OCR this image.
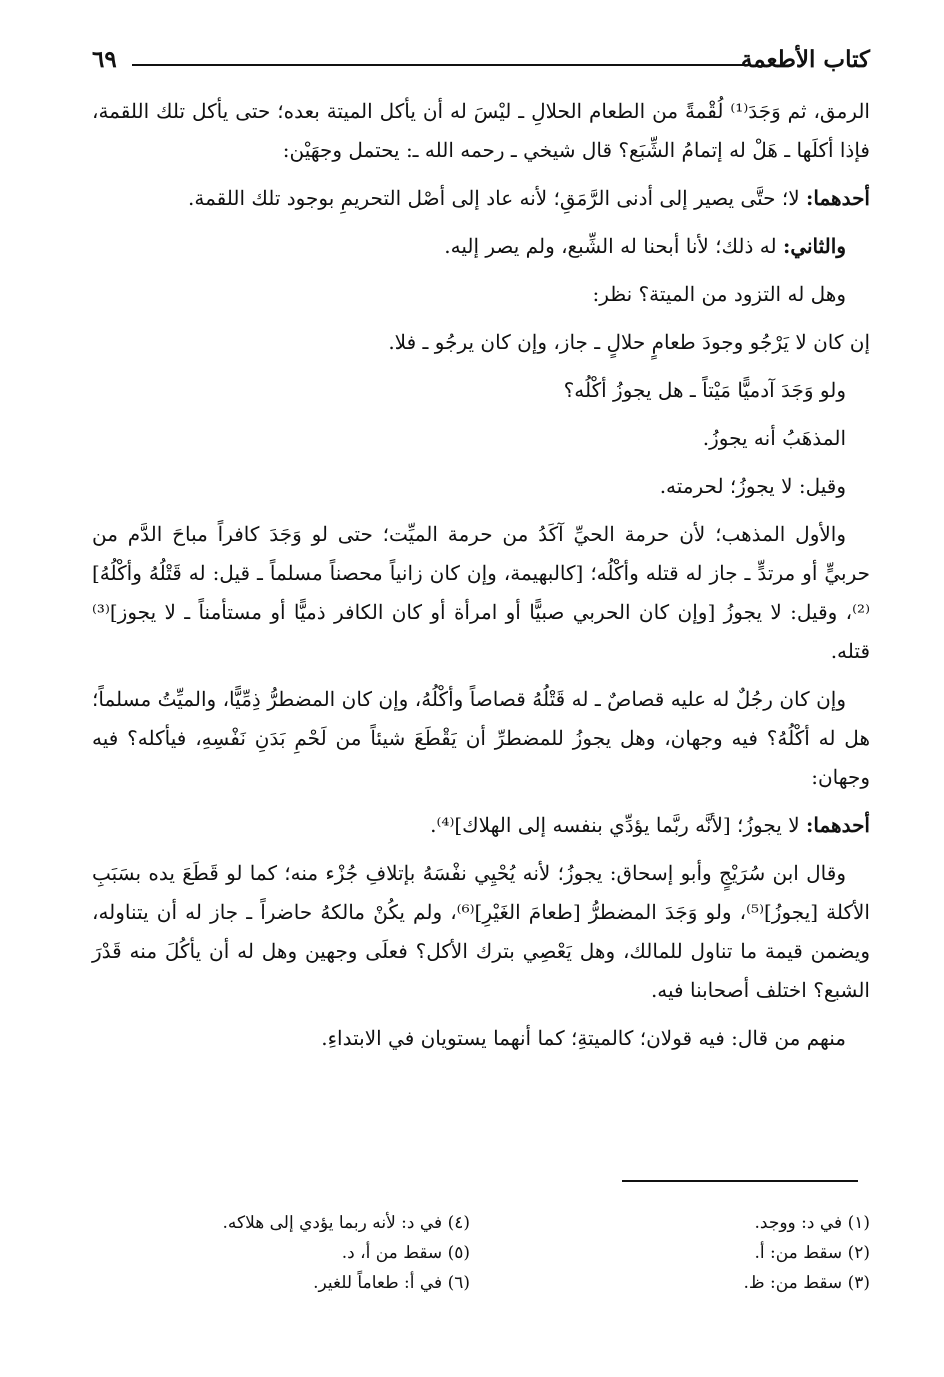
كتاب الأطعمة
٦٩

الرمق، ثم وَجَدَ⁽¹⁾ لُقْمةً من الطعام الحلالِ ـ ليْسَ له أن يأكل الميتة بعده؛ حتى يأكل تلك اللقمة، فإذا أكلَها ـ هَلْ له إتمامُ الشِّبَع؟ قال شيخي ـ رحمه الله ـ: يحتمل وجهَيْن:

أحدهما: لا؛ حتَّى يصير إلى أدنى الرَّمَقِ؛ لأنه عاد إلى أصْل التحريمِ بوجود تلك اللقمة.

والثاني: له ذلك؛ لأنا أبحنا له الشِّبع، ولم يصر إليه.

وهل له التزود من الميتة؟ نظر:

إن كان لا يَرْجُو وجودَ طعامٍ حلالٍ ـ جاز، وإن كان يرجُو ـ فلا.

ولو وَجَدَ آدميًّا مَيْتاً ـ هل يجوزُ أكْلُه؟

المذهَبُ أنه يجوزُ.

وقيل: لا يجوزُ؛ لحرمته.

والأول المذهب؛ لأن حرمة الحيِّ آكَدُ من حرمة الميِّت؛ حتى لو وَجَدَ كافراً مباحَ الدَّم من حربيٍّ أو مرتدٍّ ـ جاز له قتله وأكْلُه؛ [كالبهيمة، وإن كان زانياً محصناً مسلماً ـ قيل: له قَتْلُهُ وأكْلُهُ]⁽²⁾، وقيل: لا يجوزُ [وإن كان الحربي صبيًّا أو امرأة أو كان الكافر ذميًّا أو مستأمناً ـ لا يجوز]⁽³⁾ قتله.

وإن كان رجُلٌ له عليه قصاصٌ ـ له قَتْلُهُ قصاصاً وأكْلُهُ، وإن كان المضطرُّ ذِمِّيًّا، والميِّتُ مسلماً؛ هل له أكْلُهُ؟ فيه وجهان، وهل يجوزُ للمضطرِّ أن يَقْطَعَ شيئاً من لَحْمِ بَدَنِ نَفْسِهِ، فيأكله؟ فيه وجهان:

أحدهما: لا يجوزُ؛ [لأنَّه ربَّما يؤدِّي بنفسه إلى الهلاك]⁽⁴⁾.

وقال ابن سُرَيْجٍ وأبو إسحاق: يجوزُ؛ لأنه يُحْيِي نفْسَهُ بإتلافِ جُزْء منه؛ كما لو قَطَعَ يده بسَبَبِ الأكلة [يجوزُ]⁽⁵⁾، ولو وَجَدَ المضطرُّ [طعامَ الغَيْرِ]⁽⁶⁾، ولم يكُنْ مالكهُ حاضراً ـ جاز له أن يتناوله، ويضمن قيمة ما تناول للمالك، وهل يَعْصِي بترك الأكل؟ فعلَى وجهين وهل له أن يأكُلَ منه قَدْرَ الشبع؟ اختلف أصحابنا فيه.

منهم من قال: فيه قولان؛ كالميتةِ؛ كما أنهما يستويان في الابتداءِ.

(١) في د: ووجد.

(٢) سقط من: أ.

(٣) سقط من: ظ.

(٤) في د: لأنه ربما يؤدي إلى هلاكه.

(٥) سقط من أ، د.

(٦) في أ: طعاماً للغير.
